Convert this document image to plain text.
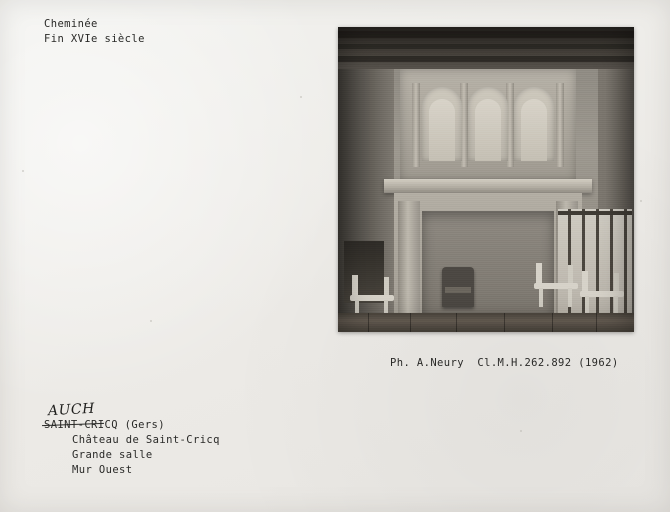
Cheminée
Fin XVIe siècle
Ph. A.Neury Cl.M.H.262.892 (1962)
AUCH
SAINT-CRICQ (Gers)
Château de Saint-Cricq
Grande salle
Mur Ouest
